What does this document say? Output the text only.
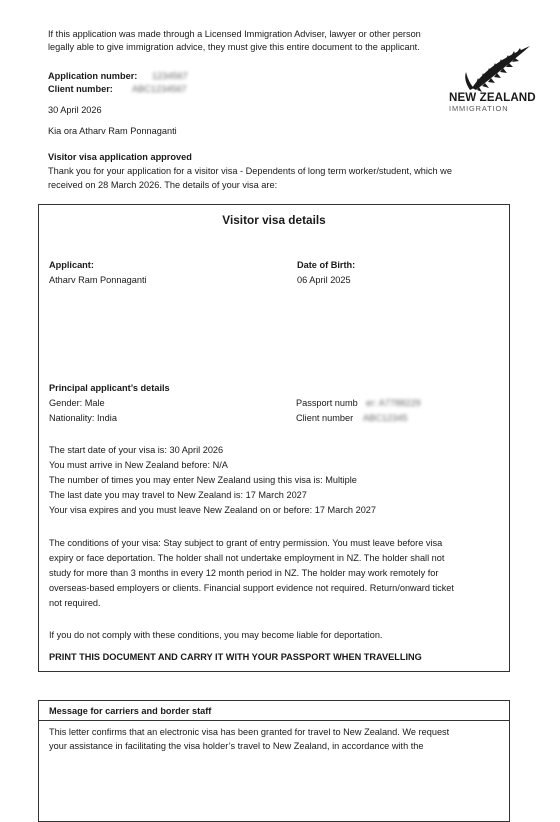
If this application was made through a Licensed Immigration Adviser, lawyer or other person
legally able to give immigration advice, they must give this entire document to the applicant.
NEW ZEALAND
IMMIGRATION
Application number: 1234567
Client number: ABC1234567
30 April 2026
Kia ora Atharv Ram Ponnaganti
Visitor visa application approved
Thank you for your application for a visitor visa - Dependents of long term worker/student, which we
received on 28 March 2026. The details of your visa are:
Visitor visa details
Applicant:
Atharv Ram Ponnaganti
Date of Birth:
06 April 2025
Principal applicant’s details
Gender: Male
Nationality: India
Passport numb er: A7788229
Client number ABC12345
The start date of your visa is: 30 April 2026
You must arrive in New Zealand before: N/A
The number of times you may enter New Zealand using this visa is: Multiple
The last date you may travel to New Zealand is: 17 March 2027
Your visa expires and you must leave New Zealand on or before: 17 March 2027
The conditions of your visa: Stay subject to grant of entry permission. You must leave before visa
expiry or face deportation. The holder shall not undertake employment in NZ. The holder shall not
study for more than 3 months in every 12 month period in NZ. The holder may work remotely for
overseas-based employers or clients. Financial support evidence not required. Return/onward ticket
not required.
If you do not comply with these conditions, you may become liable for deportation.
PRINT THIS DOCUMENT AND CARRY IT WITH YOUR PASSPORT WHEN TRAVELLING
Message for carriers and border staff
This letter confirms that an electronic visa has been granted for travel to New Zealand. We request
your assistance in facilitating the visa holder’s travel to New Zealand, in accordance with the
